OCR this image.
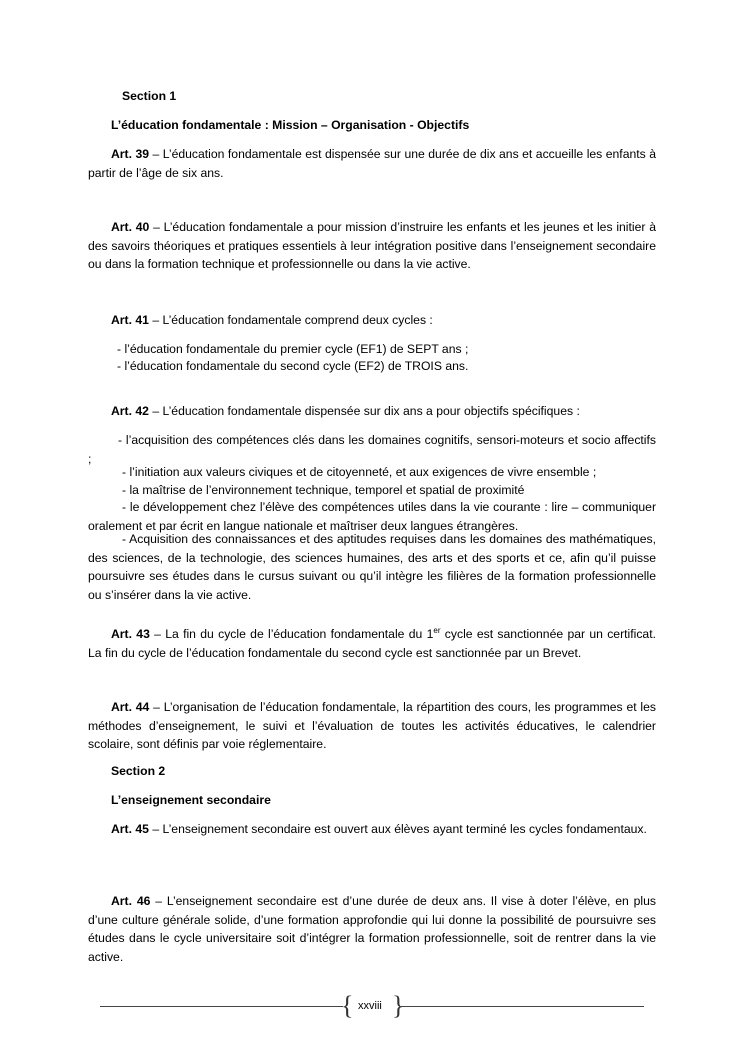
Section 1
L’éducation fondamentale : Mission – Organisation - Objectifs
Art. 39 – L’éducation fondamentale est dispensée sur une durée de dix ans et accueille les enfants à partir de l’âge de six ans.
Art. 40 – L’éducation fondamentale a pour mission d’instruire les enfants et les jeunes et les initier à des savoirs théoriques et pratiques essentiels à leur intégration positive dans l’enseignement secondaire ou dans la formation technique et professionnelle ou dans la vie active.
Art. 41 – L’éducation fondamentale comprend deux cycles :
- l’éducation fondamentale du premier cycle (EF1) de SEPT ans ;
- l’éducation fondamentale du second cycle (EF2) de TROIS ans.
Art. 42 – L’éducation fondamentale dispensée sur dix ans a pour objectifs spécifiques :
- l’acquisition des compétences clés dans les domaines cognitifs, sensori-moteurs et socio affectifs ;
- l’initiation aux valeurs civiques et de citoyenneté, et aux exigences de vivre ensemble ;
- la maîtrise de l’environnement technique, temporel et spatial de proximité
- le développement chez l’élève des compétences utiles dans la vie courante : lire – communiquer oralement et par écrit en langue nationale et maîtriser deux langues étrangères.
- Acquisition des connaissances et des aptitudes requises dans les domaines des mathématiques, des sciences, de la technologie, des sciences humaines, des arts et des sports et ce, afin qu’il puisse poursuivre ses études dans le cursus suivant ou qu’il intègre les filières de la formation professionnelle ou s’insérer dans la vie active.
Art. 43 – La fin du cycle de l’éducation fondamentale du 1er cycle est sanctionnée par un certificat. La fin du cycle de l’éducation fondamentale du second cycle est sanctionnée par un Brevet.
Art. 44 – L’organisation de l’éducation fondamentale, la répartition des cours, les programmes et les méthodes d’enseignement, le suivi et l’évaluation de toutes les activités éducatives, le calendrier scolaire, sont définis par voie réglementaire.
Section 2
L’enseignement secondaire
Art. 45 – L’enseignement secondaire est ouvert aux élèves ayant terminé les cycles fondamentaux.
Art. 46 – L’enseignement secondaire est d’une durée de deux ans. Il vise à doter l’élève, en plus d’une culture générale solide, d’une formation approfondie qui lui donne la possibilité de poursuivre ses études dans le cycle universitaire soit d’intégrer la formation professionnelle, soit de rentrer dans la vie active.
{ xxviii }
